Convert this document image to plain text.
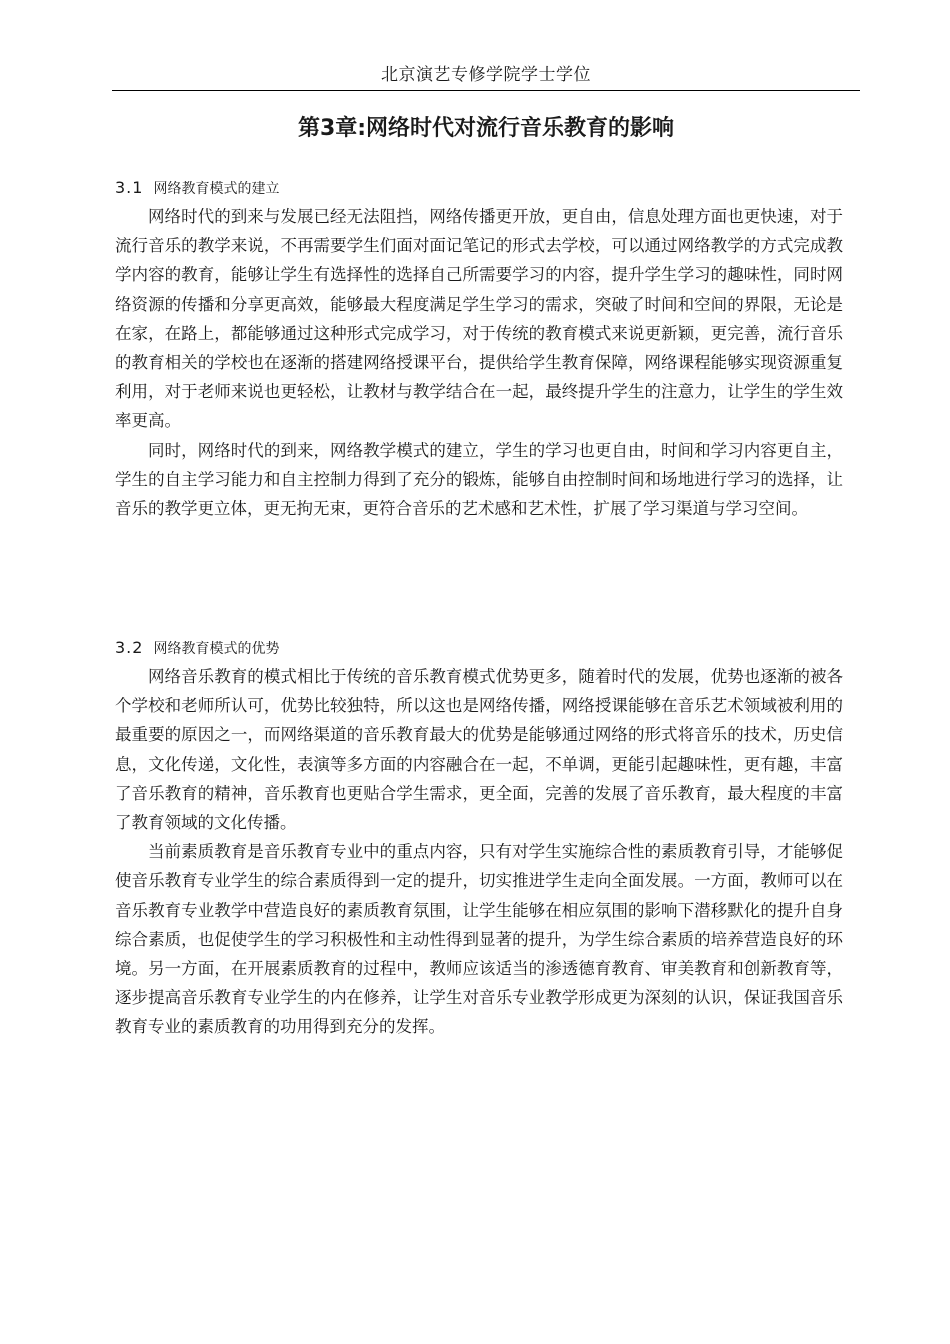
北京演艺专修学院学士学位
第3章:网络时代对流行音乐教育的影响
3.1 网络教育模式的建立

网络时代的到来与发展已经无法阻挡，网络传播更开放，更自由，信息处理方面也更快速，对于流行音乐的教学来说，不再需要学生们面对面记笔记的形式去学校，可以通过网络教学的方式完成教学内容的教育，能够让学生有选择性的选择自己所需要学习的内容，提升学生学习的趣味性，同时网络资源的传播和分享更高效，能够最大程度满足学生学习的需求，突破了时间和空间的界限，无论是在家，在路上，都能够通过这种形式完成学习，对于传统的教育模式来说更新颖，更完善，流行音乐的教育相关的学校也在逐渐的搭建网络授课平台，提供给学生教育保障，网络课程能够实现资源重复利用，对于老师来说也更轻松，让教材与教学结合在一起，最终提升学生的注意力，让学生的学生效率更高。

同时，网络时代的到来，网络教学模式的建立，学生的学习也更自由，时间和学习内容更自主，学生的自主学习能力和自主控制力得到了充分的锻炼，能够自由控制时间和场地进行学习的选择，让音乐的教学更立体，更无拘无束，更符合音乐的艺术感和艺术性，扩展了学习渠道与学习空间。

3.2 网络教育模式的优势

网络音乐教育的模式相比于传统的音乐教育模式优势更多，随着时代的发展，优势也逐渐的被各个学校和老师所认可，优势比较独特，所以这也是网络传播，网络授课能够在音乐艺术领域被利用的最重要的原因之一，而网络渠道的音乐教育最大的优势是能够通过网络的形式将音乐的技术，历史信息，文化传递，文化性，表演等多方面的内容融合在一起，不单调，更能引起趣味性，更有趣，丰富了音乐教育的精神，音乐教育也更贴合学生需求，更全面，完善的发展了音乐教育，最大程度的丰富了教育领域的文化传播。

当前素质教育是音乐教育专业中的重点内容，只有对学生实施综合性的素质教育引导，才能够促使音乐教育专业学生的综合素质得到一定的提升，切实推进学生走向全面发展。一方面，教师可以在音乐教育专业教学中营造良好的素质教育氛围，让学生能够在相应氛围的影响下潜移默化的提升自身综合素质，也促使学生的学习积极性和主动性得到显著的提升，为学生综合素质的培养营造良好的环境。另一方面，在开展素质教育的过程中，教师应该适当的渗透德育教育、审美教育和创新教育等，逐步提高音乐教育专业学生的内在修养，让学生对音乐专业教学形成更为深刻的认识，保证我国音乐教育专业的素质教育的功用得到充分的发挥。
